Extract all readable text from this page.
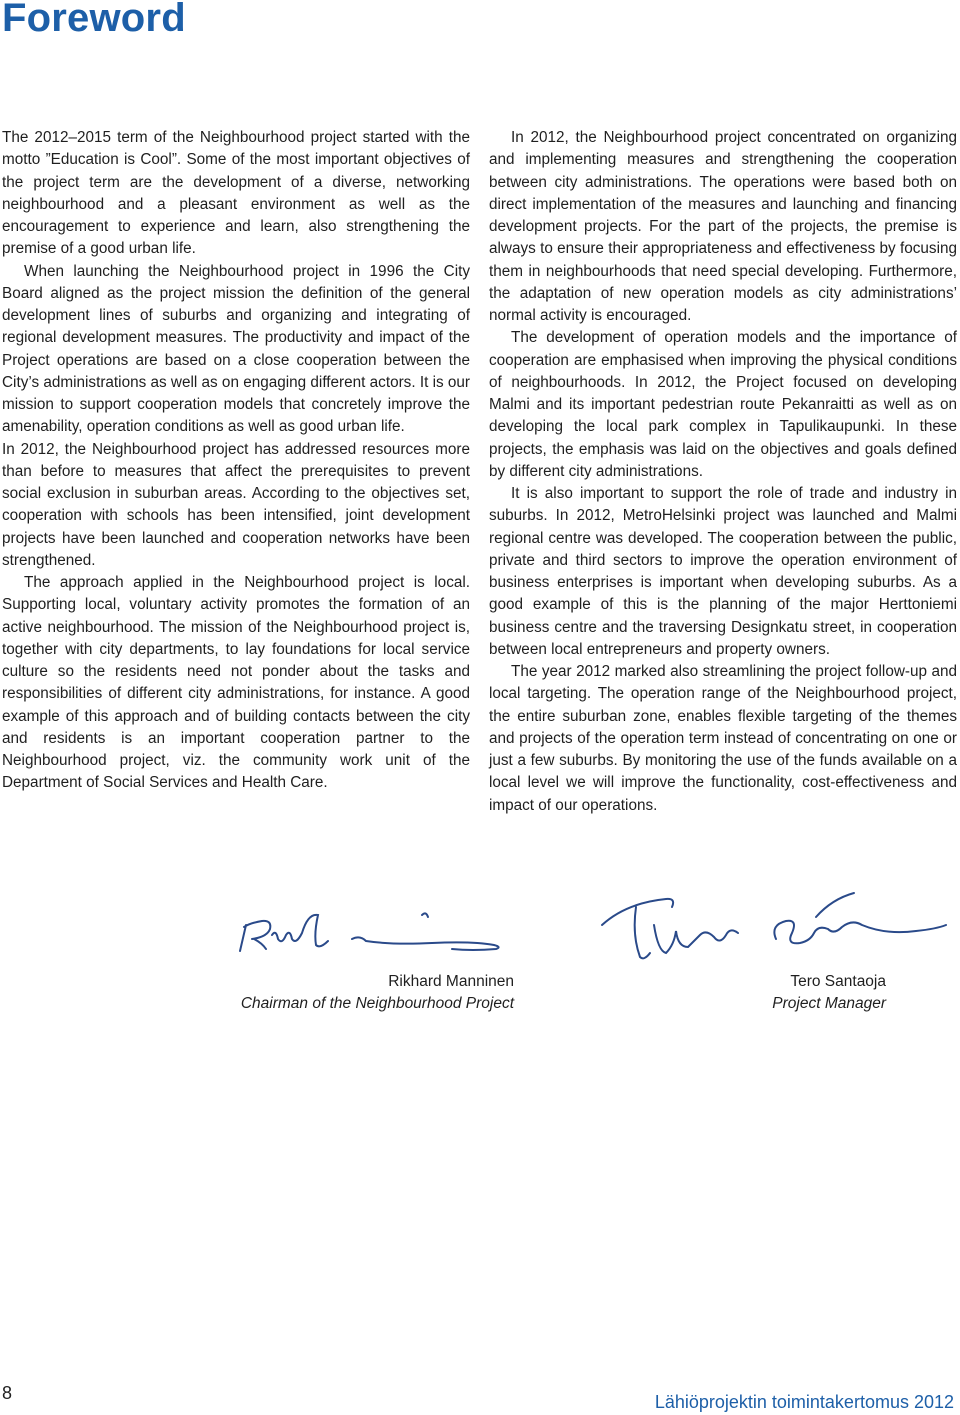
Foreword

The 2012–2015 term of the Neighbourhood project started with the motto ”Education is Cool”. Some of the most important objectives of the project term are the development of a diverse, networking neighbourhood and a pleasant environment as well as the encouragement to experience and learn, also strengthening the premise of a good urban life.

When launching the Neighbourhood project in 1996 the City Board aligned as the project mission the definition of the general development lines of suburbs and organizing and integrating of regional development measures. The productivity and impact of the Project operations are based on a close cooperation between the City’s administrations as well as on engaging different actors. It is our mission to support cooperation models that concretely improve the amenability, operation conditions as well as good urban life.

In 2012, the Neighbourhood project has addressed resources more than before to measures that affect the prerequisites to prevent social exclusion in suburban areas. According to the objectives set, cooperation with schools has been intensified, joint development projects have been launched and cooperation networks have been strengthened.

The approach applied in the Neighbourhood project is local. Supporting local, voluntary activity promotes the formation of an active neighbourhood. The mission of the Neighbourhood project is, together with city departments, to lay foundations for local service culture so the residents need not ponder about the tasks and responsibilities of different city administrations, for instance. A good example of this approach and of building contacts between the city and residents is an important cooperation partner to the Neighbourhood project, viz. the community work unit of the Department of Social Services and Health Care.

In 2012, the Neighbourhood project concentrated on organizing and implementing measures and strengthening the cooperation between city administrations. The operations were based both on direct implementation of the measures and launching and financing development projects. For the part of the projects, the premise is always to ensure their appropriateness and effectiveness by focusing them in neighbourhoods that need special developing. Furthermore, the adaptation of new operation models as city administrations’ normal activity is encouraged.

The development of operation models and the importance of cooperation are emphasised when improving the physical conditions of neighbourhoods. In 2012, the Project focused on developing Malmi and its important pedestrian route Pekanraitti as well as on developing the local park complex in Tapulikaupunki. In these projects, the emphasis was laid on the objectives and goals defined by different city administrations.

It is also important to support the role of trade and industry in suburbs. In 2012, MetroHelsinki project was launched and Malmi regional centre was developed. The cooperation between the public, private and third sectors to improve the operation environment of business enterprises is important when developing suburbs. As a good example of this is the planning of the major Herttoniemi business centre and the traversing Designkatu street, in cooperation between local entrepreneurs and property owners.

The year 2012 marked also streamlining the project follow-up and local targeting. The operation range of the Neighbourhood project, the entire suburban zone, enables flexible targeting of the themes and projects of the operation term instead of concentrating on one or just a few suburbs. By monitoring the use of the funds available on a local level we will improve the functionality, cost-effectiveness and impact of our operations.

Rikhard Manninen
Chairman of the Neighbourhood Project
Tero Santaoja
Project Manager
8	Lähiöprojektin toimintakertomus 2012
